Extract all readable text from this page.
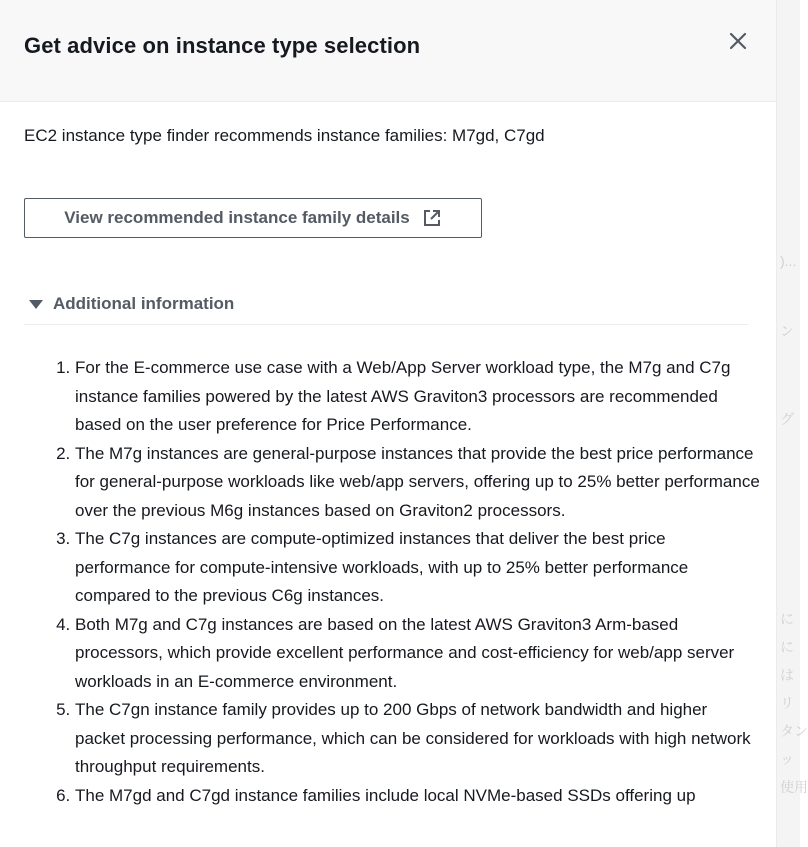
)...
ン
グ
に
に
は
リ
タン
ッ
使用
Get advice on instance type selection

EC2 instance type finder recommends instance families: M7gd, C7gd

View recommended instance family details
Additional information
1. For the E-commerce use case with a Web/App Server workload type, the M7g and C7g instance families powered by the latest AWS Graviton3 processors are recommended based on the user preference for Price Performance.
2. The M7g instances are general-purpose instances that provide the best price performance for general-purpose workloads like web/app servers, offering up to 25% better performance over the previous M6g instances based on Graviton2 processors.
3. The C7g instances are compute-optimized instances that deliver the best price performance for compute-intensive workloads, with up to 25% better performance compared to the previous C6g instances.
4. Both M7g and C7g instances are based on the latest AWS Graviton3 Arm-based processors, which provide excellent performance and cost-efficiency for web/app server workloads in an E-commerce environment.
5. The C7gn instance family provides up to 200 Gbps of network bandwidth and higher packet processing performance, which can be considered for workloads with high network throughput requirements.
6. The M7gd and C7gd instance families include local NVMe-based SSDs offering up
